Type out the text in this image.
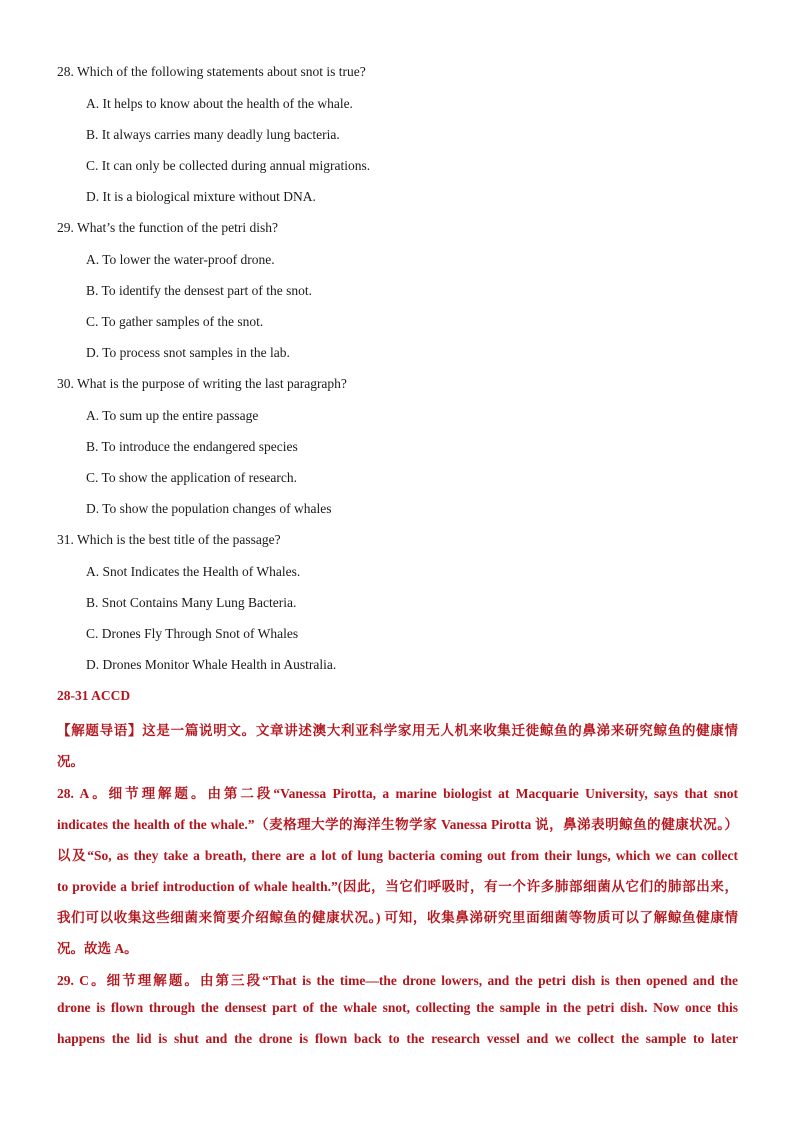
28. Which of the following statements about snot is true?
A. It helps to know about the health of the whale.
B. It always carries many deadly lung bacteria.
C. It can only be collected during annual migrations.
D. It is a biological mixture without DNA.
29. What’s the function of the petri dish?
A. To lower the water-proof drone.
B. To identify the densest part of the snot.
C. To gather samples of the snot.
D. To process snot samples in the lab.
30. What is the purpose of writing the last paragraph?
A. To sum up the entire passage
B. To introduce the endangered species
C. To show the application of research.
D. To show the population changes of whales
31. Which is the best title of the passage?
A. Snot Indicates the Health of Whales.
B. Snot Contains Many Lung Bacteria.
C. Drones Fly Through Snot of Whales
D. Drones Monitor Whale Health in Australia.
28-31 ACCD
【解题导语】这是一篇说明文。文章讲述澳大利亚科学家用无人机来收集迁徙鲸鱼的鼻涕来研究鲸鱼的健康情
况。
28. A。细节理解题。由第二段“Vanessa Pirotta, a marine biologist at Macquarie University, says that snot
indicates the health of the whale.”（麦格理大学的海洋生物学家 Vanessa Pirotta 说，鼻涕表明鲸鱼的健康状况。）
以及“So, as they take a breath, there are a lot of lung bacteria coming out from their lungs, which we can collect
to provide a brief introduction of whale health.”(因此，当它们呼吸时，有一个许多肺部细菌从它们的肺部出来，
我们可以收集这些细菌来简要介绍鲸鱼的健康状况。) 可知，收集鼻涕研究里面细菌等物质可以了解鲸鱼健康情
况。故选 A。
29. C。细节理解题。由第三段“That is the time—the drone lowers, and the petri dish is then opened and the
drone is flown through the densest part of the whale snot, collecting the sample in the petri dish. Now once this
happens the lid is shut and the drone is flown back to the research vessel and we collect the sample to later
